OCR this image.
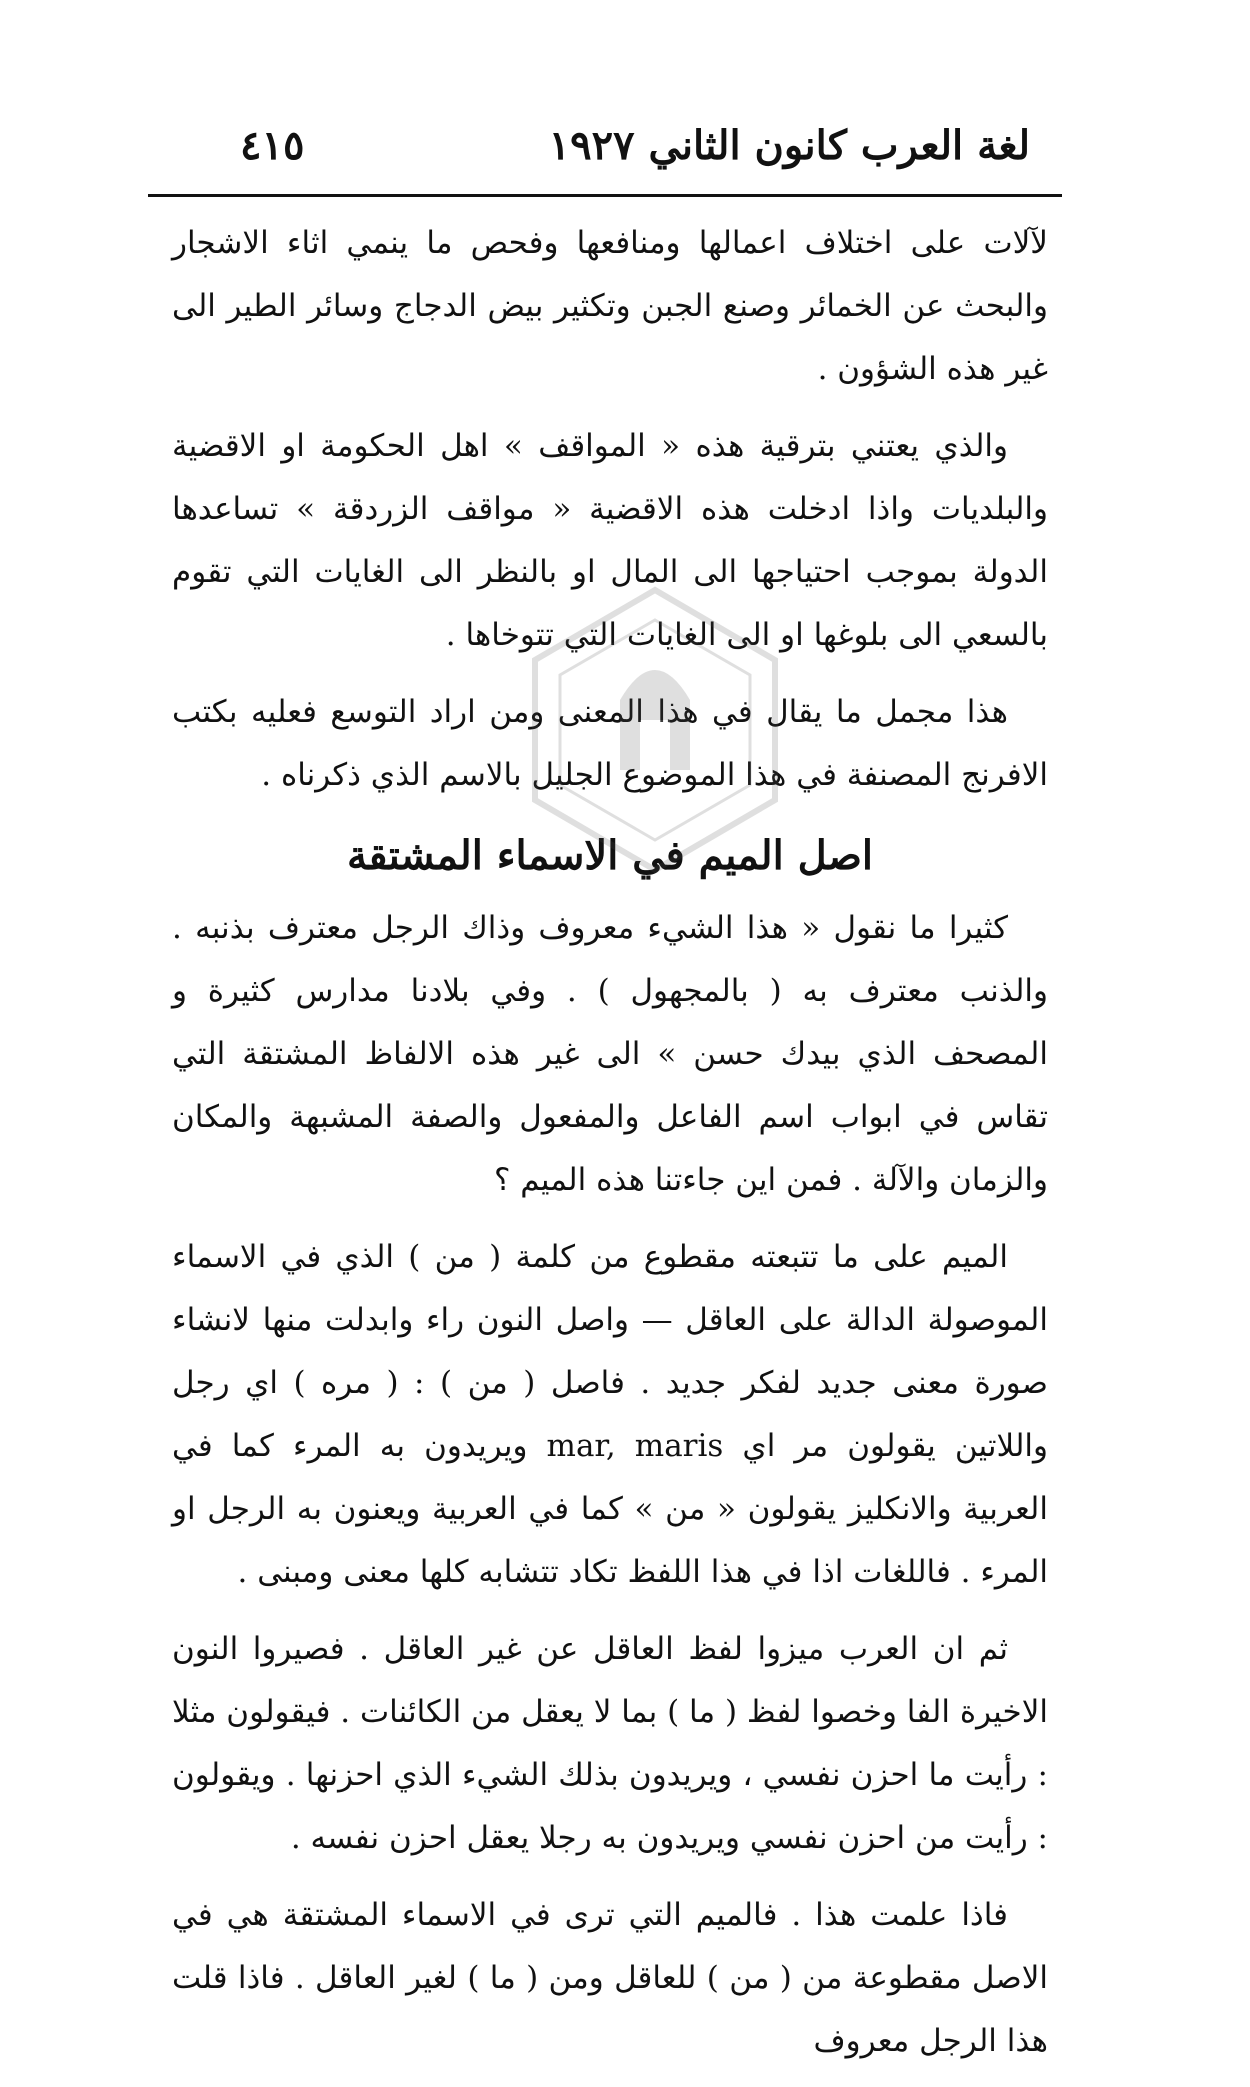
لغة العرب كانون الثاني ١٩٢٧
٤١٥

لآلات على اختلاف اعمالها ومنافعها وفحص ما ينمي اثاء الاشجار والبحث عن الخمائر وصنع الجبن وتكثير بيض الدجاج وسائر الطير الى غير هذه الشؤون .

والذي يعتني بترقية هذه « المواقف » اهل الحكومة او الاقضية والبلديات واذا ادخلت هذه الاقضية « مواقف الزردقة » تساعدها الدولة بموجب احتياجها الى المال او بالنظر الى الغايات التي تقوم بالسعي الى بلوغها او الى الغايات التي تتوخاها .

هذا مجمل ما يقال في هذا المعنى ومن اراد التوسع فعليه بكتب الافرنج المصنفة في هذا الموضوع الجليل بالاسم الذي ذكرناه .

اصل الميم في الاسماء المشتقة

كثيرا ما نقول « هذا الشيء معروف وذاك الرجل معترف بذنبه . والذنب معترف به ( بالمجهول ) . وفي بلادنا مدارس كثيرة و المصحف الذي بيدك حسن » الى غير هذه الالفاظ المشتقة التي تقاس في ابواب اسم الفاعل والمفعول والصفة المشبهة والمكان والزمان والآلة . فمن اين جاءتنا هذه الميم ؟

الميم على ما تتبعته مقطوع من كلمة ( من ) الذي في الاسماء الموصولة الدالة على العاقل — واصل النون راء وابدلت منها لانشاء صورة معنى جديد لفكر جديد . فاصل ( من ) : ( مره ) اي رجل واللاتين يقولون مر اي mar, maris ويريدون به المرء كما في العربية والانكليز يقولون « من » كما في العربية ويعنون به الرجل او المرء . فاللغات اذا في هذا اللفظ تكاد تتشابه كلها معنى ومبنى .

ثم ان العرب ميزوا لفظ العاقل عن غير العاقل . فصيروا النون الاخيرة الفا وخصوا لفظ ( ما ) بما لا يعقل من الكائنات . فيقولون مثلا : رأيت ما احزن نفسي ، ويريدون بذلك الشيء الذي احزنها . ويقولون : رأيت من احزن نفسي ويريدون به رجلا يعقل احزن نفسه .

فاذا علمت هذا . فالميم التي ترى في الاسماء المشتقة هي في الاصل مقطوعة من ( من ) للعاقل ومن ( ما ) لغير العاقل . فاذا قلت هذا الرجل معروف
